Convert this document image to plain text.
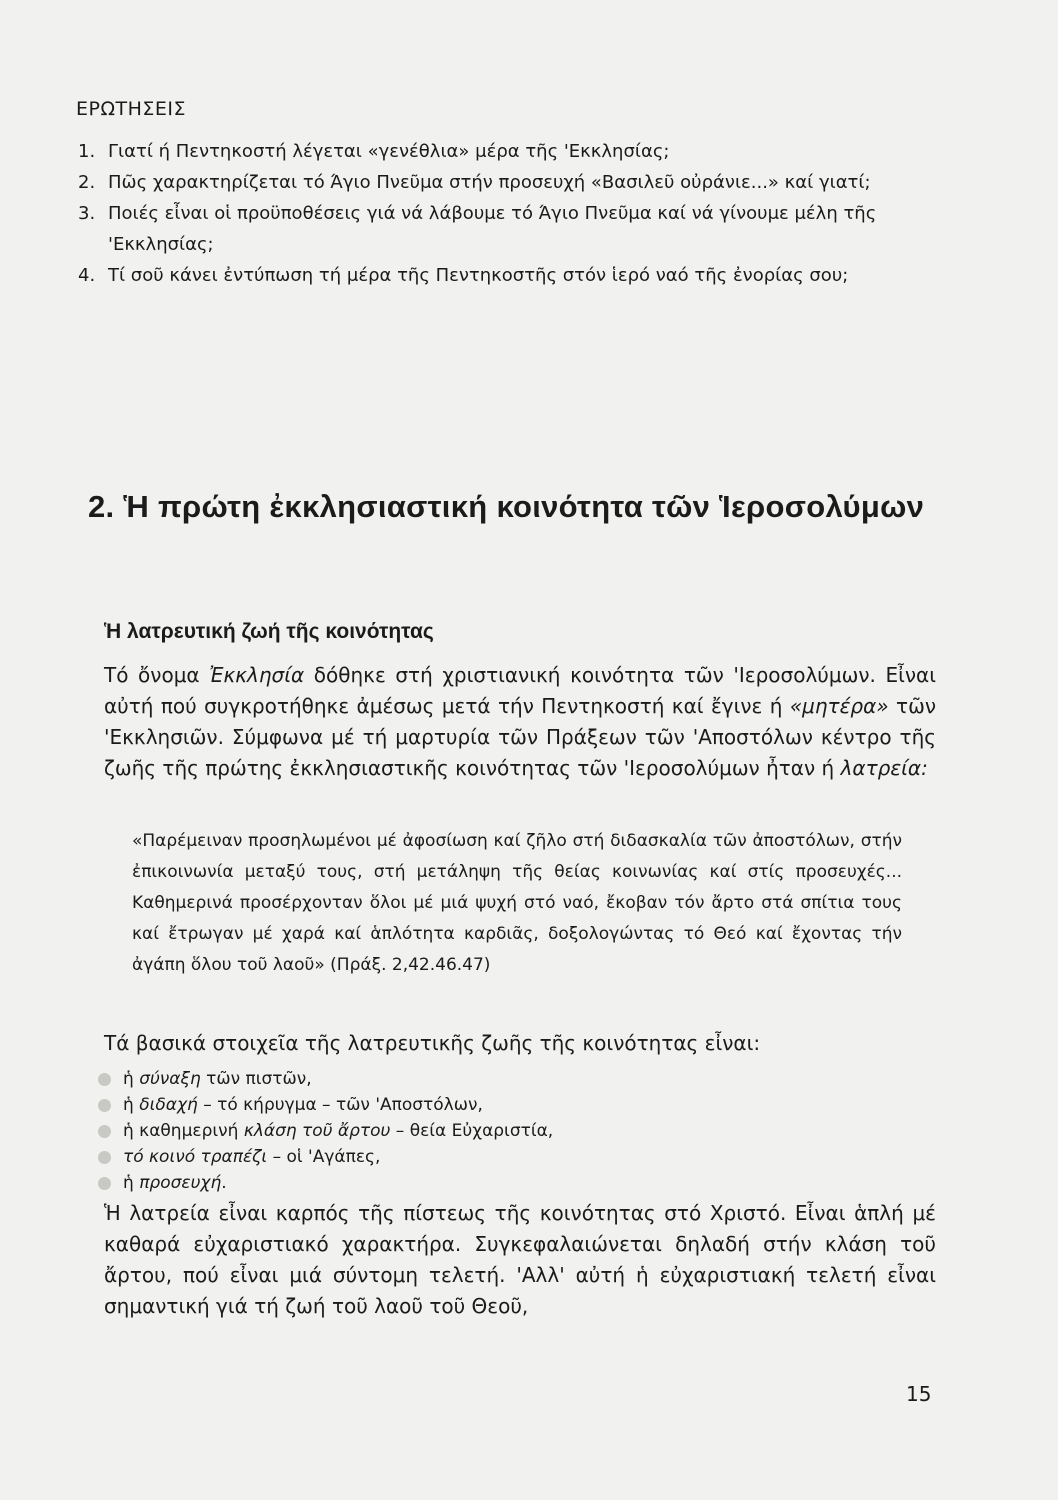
ΕΡΩΤΗΣΕΙΣ
1. Γιατί ή Πεντηκοστή λέγεται «γενέθλια» μέρα τῆς 'Εκκλησίας;
2. Πῶς χαρακτηρίζεται τό Άγιο Πνεῦμα στήν προσευχή «Βασιλεῦ οὐράνιε...» καί γιατί;
3. Ποιές εἶναι οἱ προϋποθέσεις γιά νά λάβουμε τό Άγιο Πνεῦμα καί νά γίνουμε μέλη τῆς 'Εκκλησίας;
4. Τί σοῦ κάνει ἐντύπωση τή μέρα τῆς Πεντηκοστῆς στόν ἱερό ναό τῆς ἐνορίας σου;
2. Ἡ πρώτη ἐκκλησιαστική κοινότητα τῶν Ἱεροσολύμων
Ἡ λατρευτική ζωή τῆς κοινότητας
Τό ὄνομα Ἐκκλησία δόθηκε στή χριστιανική κοινότητα τῶν 'Ιεροσολύμων. Εἶναι αὐτή πού συγκροτήθηκε ἀμέσως μετά τήν Πεντηκοστή καί ἔγινε ή «μητέρα» τῶν 'Εκκλησιῶν. Σύμφωνα μέ τή μαρτυρία τῶν Πράξεων τῶν 'Αποστόλων κέντρο τῆς ζωῆς τῆς πρώτης ἐκκλησιαστικῆς κοινότητας τῶν 'Ιεροσολύμων ἦταν ή λατρεία:
«Παρέμειναν προσηλωμένοι μέ ἀφοσίωση καί ζῆλο στή διδασκαλία τῶν ἀποστόλων, στήν ἐπικοινωνία μεταξύ τους, στή μετάληψη τῆς θείας κοινωνίας καί στίς προσευχές... Καθημερινά προσέρχονταν ὅλοι μέ μιά ψυχή στό ναό, ἔκοβαν τόν ἄρτο στά σπίτια τους καί ἔτρωγαν μέ χαρά καί ἁπλότητα καρδιᾶς, δοξολογώντας τό Θεό καί ἔχοντας τήν ἀγάπη ὅλου τοῦ λαοῦ» (Πράξ. 2,42.46.47)
Τά βασικά στοιχεῖα τῆς λατρευτικῆς ζωῆς τῆς κοινότητας εἶναι:
ἡ σύναξη τῶν πιστῶν,
ἡ διδαχή – τό κήρυγμα – τῶν 'Αποστόλων,
ἡ καθημερινή κλάση τοῦ ἄρτου – θεία Εὐχαριστία,
τό κοινό τραπέζι – οἱ 'Αγάπες,
ἡ προσευχή.
Ἡ λατρεία εἶναι καρπός τῆς πίστεως τῆς κοινότητας στό Χριστό. Εἶναι ἁπλή μέ καθαρά εὐχαριστιακό χαρακτήρα. Συγκεφαλαιώνεται δηλαδή στήν κλάση τοῦ ἄρτου, πού εἶναι μιά σύντομη τελετή. 'Αλλ' αὐτή ἡ εὐχαριστιακή τελετή εἶναι σημαντική γιά τή ζωή τοῦ λαοῦ τοῦ Θεοῦ,
15
